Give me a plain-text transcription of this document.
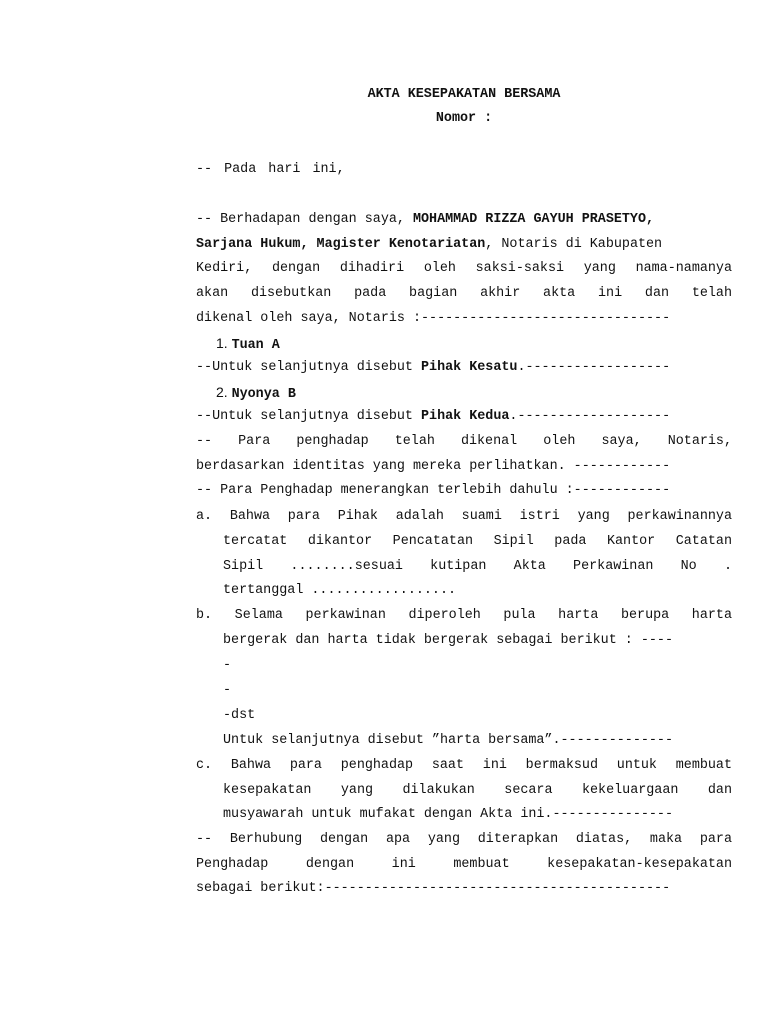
AKTA KESEPAKATAN BERSAMA
Nomor :
-- Pada hari ini,
-- Berhadapan dengan saya, MOHAMMAD RIZZA GAYUH PRASETYO,
Sarjana Hukum, Magister Kenotariatan, Notaris di Kabupaten
Kediri, dengan dihadiri oleh saksi-saksi yang nama-namanya
akan disebutkan pada bagian akhir akta ini dan telah
dikenal oleh saya, Notaris :-------------------------------
1. Tuan A
--Untuk selanjutnya disebut Pihak Kesatu.------------------
2. Nyonya B
--Untuk selanjutnya disebut Pihak Kedua.-------------------
-- Para penghadap telah dikenal oleh saya, Notaris,
berdasarkan identitas yang mereka perlihatkan. ------------
-- Para Penghadap menerangkan terlebih dahulu :------------
a. Bahwa para Pihak adalah suami istri yang perkawinannya
tercatat dikantor Pencatatan Sipil pada Kantor Catatan
Sipil ........sesuai kutipan Akta Perkawinan No .
tertanggal ..................
b. Selama perkawinan diperoleh pula harta berupa harta
bergerak dan harta tidak bergerak sebagai berikut : ----
-
-
-dst
Untuk selanjutnya disebut ”harta bersama”.--------------
c. Bahwa para penghadap saat ini bermaksud untuk membuat
kesepakatan yang dilakukan secara kekeluargaan dan
musyawarah untuk mufakat dengan Akta ini.---------------
-- Berhubung dengan apa yang diterapkan diatas, maka para
Penghadap dengan ini membuat kesepakatan-kesepakatan
sebagai berikut:-------------------------------------------
